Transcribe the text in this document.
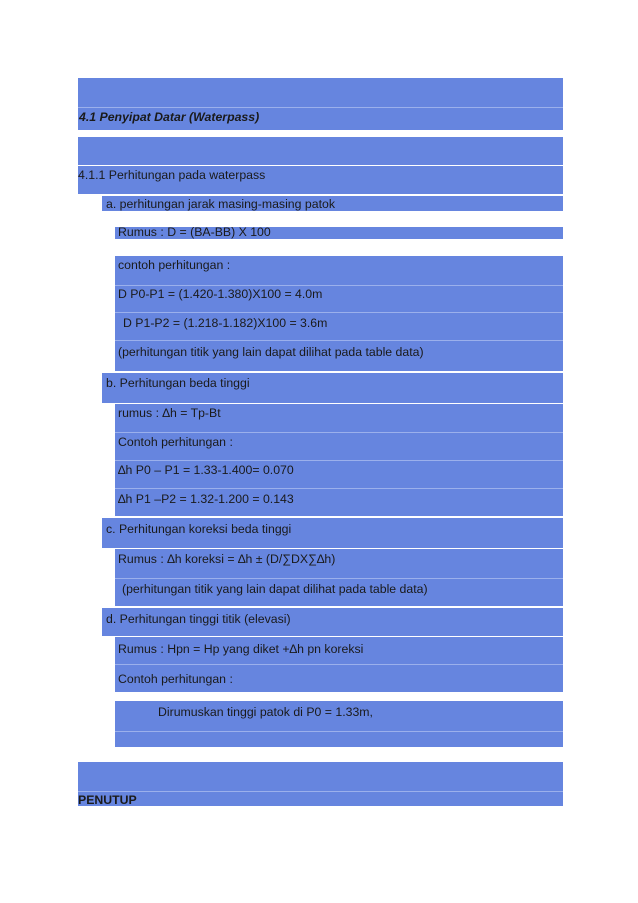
4.1 Penyipat Datar (Waterpass)
4.1.1 Perhitungan pada waterpass
a. perhitungan jarak masing-masing patok
Rumus : D = (BA-BB) X 100
contoh perhitungan :
D P0-P1 = (1.420-1.380)X100 = 4.0m
D P1-P2 = (1.218-1.182)X100 = 3.6m
(perhitungan titik yang lain dapat dilihat pada table data)
b. Perhitungan beda tinggi
rumus : ∆h = Tp-Bt
Contoh perhitungan :
∆h P0 – P1 = 1.33-1.400= 0.070
∆h P1 –P2 = 1.32-1.200 = 0.143
c. Perhitungan koreksi beda tinggi
Rumus : ∆h koreksi = ∆h ± (D/∑DX∑∆h)
(perhitungan titik yang lain dapat dilihat pada table data)
d. Perhitungan tinggi titik (elevasi)
Rumus : Hpn = Hp yang diket +∆h pn koreksi
Contoh perhitungan :
Dirumuskan tinggi patok di P0 = 1.33m,
PENUTUP
